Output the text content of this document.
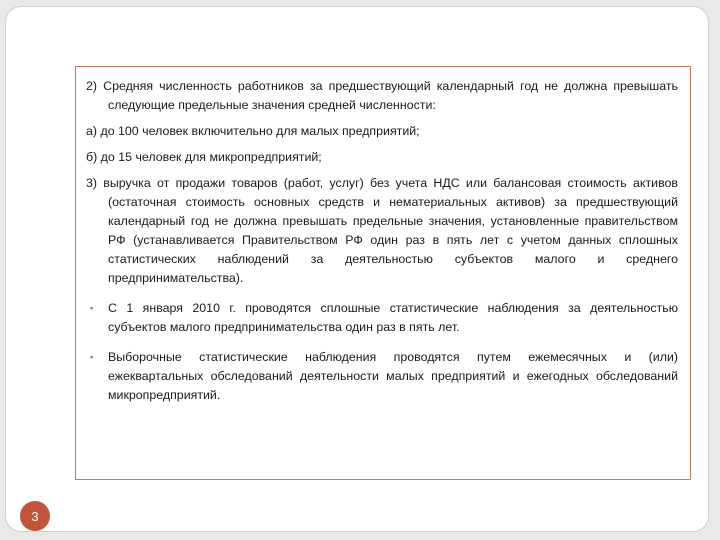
2) Средняя численность работников за предшествующий календарный год не должна превышать следующие предельные значения средней численности:

а) до 100 человек включительно для малых предприятий;

б) до 15 человек для микропредприятий;

3) выручка от продажи товаров (работ, услуг) без учета НДС или балансовая стоимость активов (остаточная стоимость основных средств и нематериальных активов) за предшествующий календарный год не должна превышать предельные значения, установленные правительством РФ (устанавливается Правительством РФ один раз в пять лет с учетом данных сплошных статистических наблюдений за деятельностью субъектов малого и среднего предпринимательства).

▪	С 1 января 2010 г. проводятся сплошные статистические наблюдения за деятельностью субъектов малого предпринимательства один раз в пять лет.
▪	Выборочные статистические наблюдения проводятся путем ежемесячных и (или) ежеквартальных обследований деятельности малых предприятий и ежегодных обследований микропредприятий.
3
